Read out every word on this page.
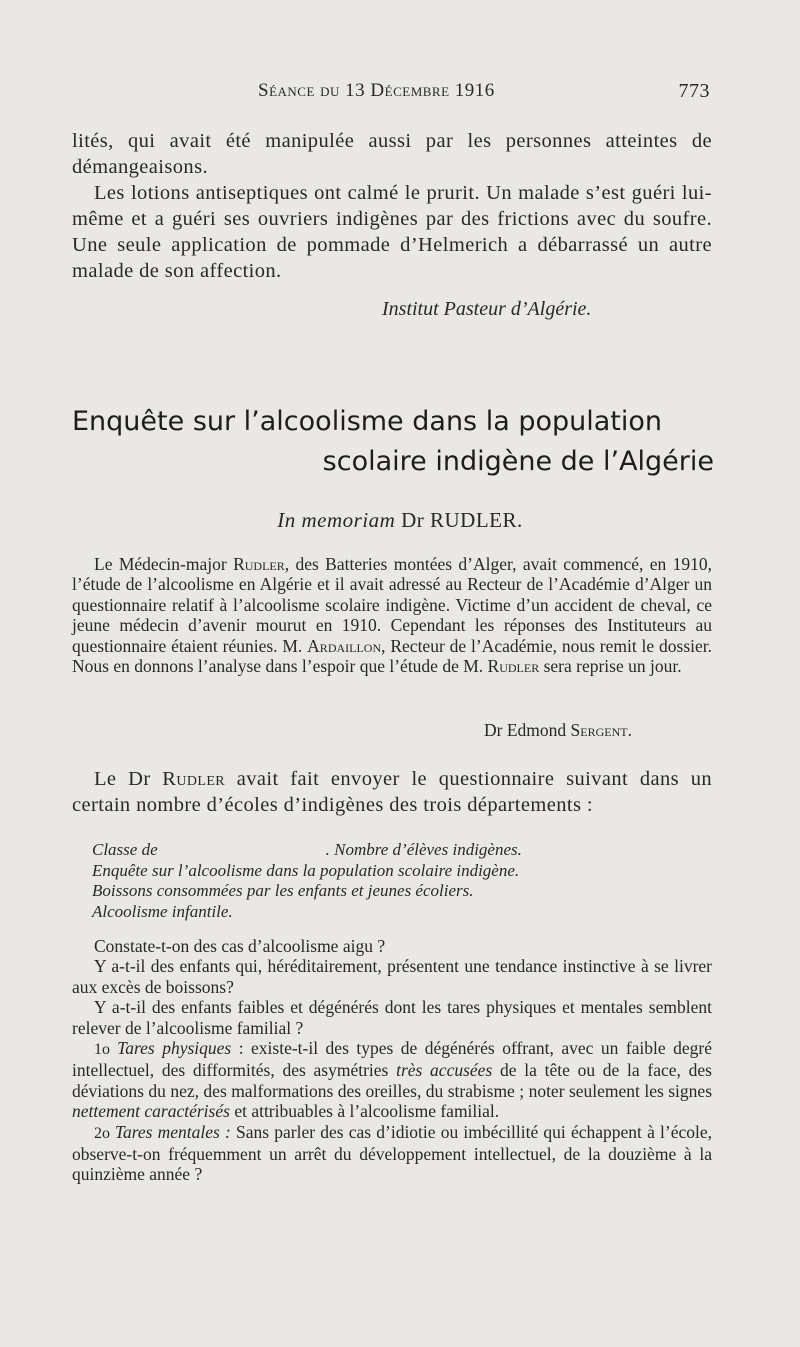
Séance du 13 Décembre 1916	773

lités, qui avait été manipulée aussi par les personnes atteintes de démangeaisons.

Les lotions antiseptiques ont calmé le prurit. Un malade s’est guéri lui-même et a guéri ses ouvriers indigènes par des frictions avec du soufre. Une seule application de pommade d’Helmerich a débarrassé un autre malade de son affection.

Institut Pasteur d’Algérie.
Enquête sur l’alcoolisme dans la population
scolaire indigène de l’Algérie
In memoriam Dr RUDLER.

Le Médecin-major Rudler, des Batteries montées d’Alger, avait commencé, en 1910, l’étude de l’alcoolisme en Algérie et il avait adressé au Recteur de l’Académie d’Alger un questionnaire relatif à l’alcoolisme scolaire indigène. Victime d’un accident de cheval, ce jeune médecin d’avenir mourut en 1910. Cependant les réponses des Instituteurs au questionnaire étaient réunies. M. Ardaillon, Recteur de l’Académie, nous remit le dossier. Nous en donnons l’analyse dans l’espoir que l’étude de M. Rudler sera reprise un jour.

Dr Edmond Sergent.

Le Dr Rudler avait fait envoyer le questionnaire suivant dans un certain nombre d’écoles d’indigènes des trois départements :

Classe de	. Nombre d’élèves indigènes.
Enquête sur l’alcoolisme dans la population scolaire indigène.
Boissons consommées par les enfants et jeunes écoliers.
Alcoolisme infantile.

Constate-t-on des cas d’alcoolisme aigu ?

Y a-t-il des enfants qui, héréditairement, présentent une tendance instinctive à se livrer aux excès de boissons?

Y a-t-il des enfants faibles et dégénérés dont les tares physiques et mentales semblent relever de l’alcoolisme familial ?

1o Tares physiques : existe-t-il des types de dégénérés offrant, avec un faible degré intellectuel, des difformités, des asymétries très accusées de la tête ou de la face, des déviations du nez, des malformations des oreilles, du strabisme ; noter seulement les signes nettement caractérisés et attribuables à l’alcoolisme familial.

2o Tares mentales : Sans parler des cas d’idiotie ou imbécillité qui échappent à l’école, observe-t-on fréquemment un arrêt du développement intellectuel, de la douzième à la quinzième année ?
